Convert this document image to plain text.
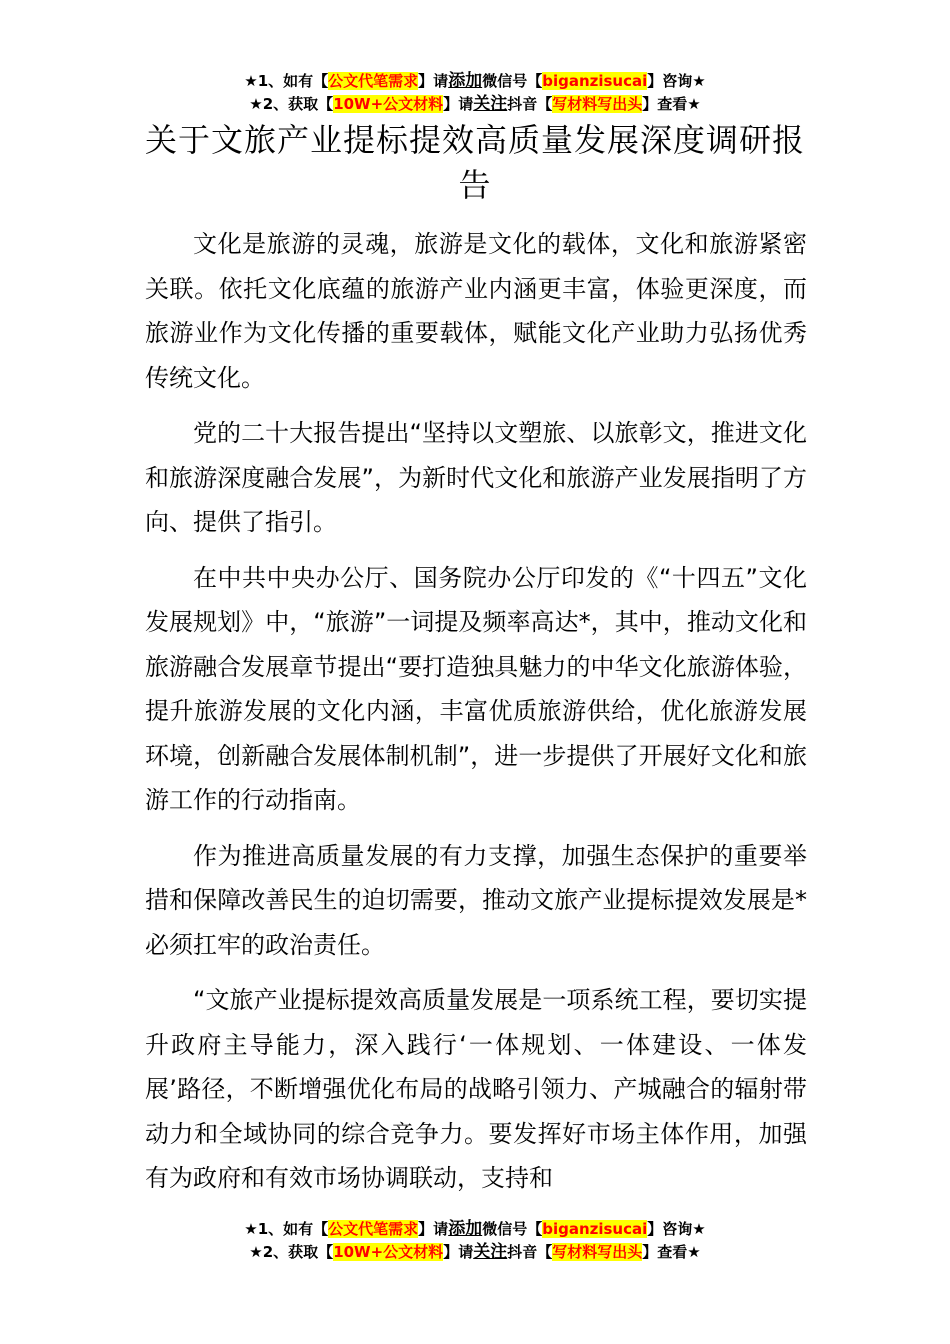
★1、如有【公文代笔需求】请添加微信号【biganzisucai】咨询★
★2、获取【10W+公文材料】请关注抖音【写材料写出头】查看★
关于文旅产业提标提效高质量发展深度调研报告

文化是旅游的灵魂，旅游是文化的载体，文化和旅游紧密关联。依托文化底蕴的旅游产业内涵更丰富，体验更深度，而旅游业作为文化传播的重要载体，赋能文化产业助力弘扬优秀传统文化。

党的二十大报告提出“坚持以文塑旅、以旅彰文，推进文化和旅游深度融合发展”，为新时代文化和旅游产业发展指明了方向、提供了指引。

在中共中央办公厅、国务院办公厅印发的《“十四五”文化发展规划》中，“旅游”一词提及频率高达*，其中，推动文化和旅游融合发展章节提出“要打造独具魅力的中华文化旅游体验，提升旅游发展的文化内涵，丰富优质旅游供给，优化旅游发展环境，创新融合发展体制机制”，进一步提供了开展好文化和旅游工作的行动指南。

作为推进高质量发展的有力支撑，加强生态保护的重要举措和保障改善民生的迫切需要，推动文旅产业提标提效发展是*必须扛牢的政治责任。

“文旅产业提标提效高质量发展是一项系统工程，要切实提升政府主导能力，深入践行‘一体规划、一体建设、一体发展’路径，不断增强优化布局的战略引领力、产城融合的辐射带动力和全域协同的综合竞争力。要发挥好市场主体作用，加强有为政府和有效市场协调联动，支持和

★1、如有【公文代笔需求】请添加微信号【biganzisucai】咨询★
★2、获取【10W+公文材料】请关注抖音【写材料写出头】查看★
